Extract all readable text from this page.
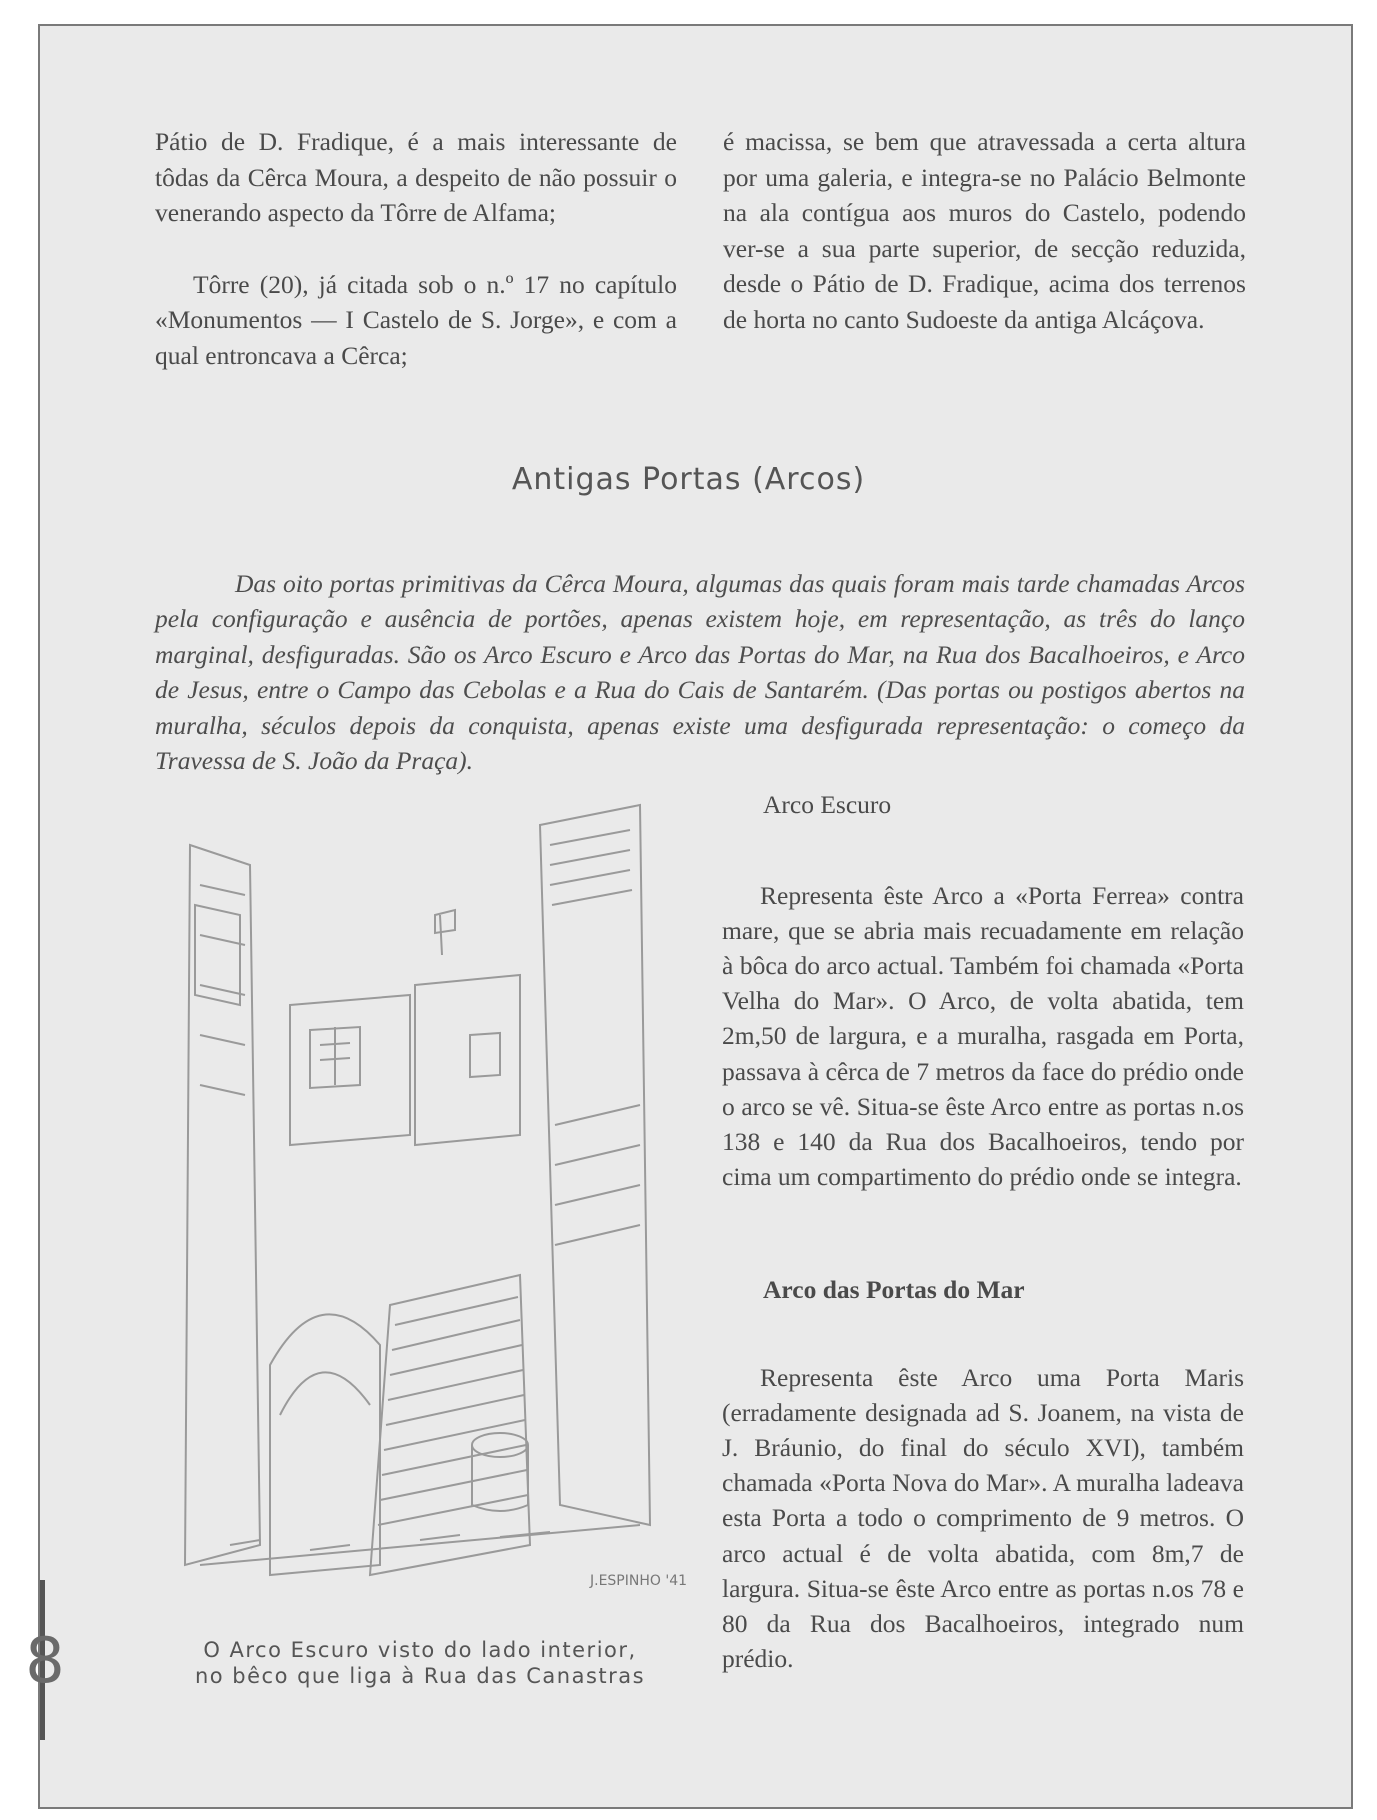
Pátio de D. Fradique, é a mais interessante de tôdas da Cêrca Moura, a despeito de não possuir o venerando aspecto da Tôrre de Alfama;

Tôrre (20), já citada sob o n.º 17 no capítulo «Monumentos — I Castelo de S. Jorge», e com a qual entroncava a Cêrca;

é macissa, se bem que atravessada a certa altura por uma galeria, e integra-se no Palácio Belmonte na ala contígua aos muros do Castelo, podendo ver-se a sua parte superior, de secção reduzida, desde o Pátio de D. Fradique, acima dos terrenos de horta no canto Sudoeste da antiga Alcáçova.

Antigas Portas (Arcos)

Das oito portas primitivas da Cêrca Moura, algumas das quais foram mais tarde chamadas Arcos pela configuração e ausência de portões, apenas existem hoje, em representação, as três do lanço marginal, desfiguradas. São os Arco Escuro e Arco das Portas do Mar, na Rua dos Bacalhoeiros, e Arco de Jesus, entre o Campo das Cebolas e a Rua do Cais de Santarém. (Das portas ou postigos abertos na muralha, séculos depois da conquista, apenas existe uma desfigurada representação: o começo da Travessa de S. João da Praça).

Arco Escuro

Representa êste Arco a «Porta Ferrea» contra mare, que se abria mais recuadamente em relação à bôca do arco actual. Também foi chamada «Porta Velha do Mar». O Arco, de volta abatida, tem 2m,50 de largura, e a muralha, rasgada em Porta, passava à cêrca de 7 metros da face do prédio onde o arco se vê. Situa-se êste Arco entre as portas n.os 138 e 140 da Rua dos Bacalhoeiros, tendo por cima um compartimento do prédio onde se integra.

Arco das Portas do Mar

Representa êste Arco uma Porta Maris (erradamente designada ad S. Joanem, na vista de J. Bráunio, do final do século XVI), também chamada «Porta Nova do Mar». A muralha ladeava esta Porta a todo o comprimento de 9 metros. O arco actual é de volta abatida, com 8m,7 de largura. Situa-se êste Arco entre as portas n.os 78 e 80 da Rua dos Bacalhoeiros, integrado num prédio.

J.ESPINHO '41
O Arco Escuro visto do lado interior,
no bêco que liga à Rua das Canastras
8
